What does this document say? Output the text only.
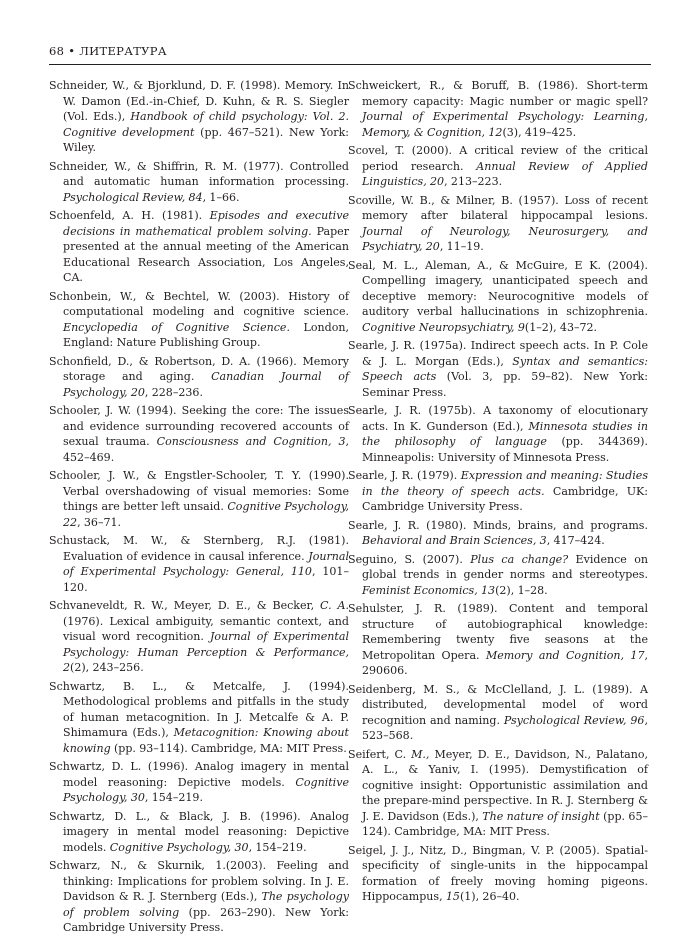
68 • ЛИТЕРАТУРА

Schneider, W., & Bjorklund, D. F. (1998). Memory. In W. Damon (Ed.-in-Chief, D. Kuhn, & R. S. Siegler (Vol. Eds.), Handbook of child psychology: Vol. 2. Cognitive development (pp. 467–521). New York: Wiley.

Schneider, W., & Shiffrin, R. M. (1977). Controlled and automatic human information processing. Psychological Review, 84, 1–66.

Schoenfeld, A. H. (1981). Episodes and executive decisions in mathematical problem solving. Paper presented at the annual meeting of the American Educational Research Association, Los Angeles, CA.

Schonbein, W., & Bechtel, W. (2003). History of computational modeling and cognitive science. Encyclopedia of Cognitive Science. London, England: Nature Publishing Group.

Schonfield, D., & Robertson, D. A. (1966). Memory storage and aging. Canadian Journal of Psychology, 20, 228–236.

Schooler, J. W. (1994). Seeking the core: The issues and evidence surrounding recovered accounts of sexual trauma. Consciousness and Cognition, 3, 452–469.

Schooler, J. W., & Engstler-Schooler, T. Y. (1990). Verbal overshadowing of visual memories: Some things are better left unsaid. Cognitive Psychology, 22, 36–71.

Schustack, M. W., & Sternberg, R.J. (1981). Evaluation of evidence in causal inference. Journal of Experimental Psychology: General, 110, 101–120.

Schvaneveldt, R. W., Meyer, D. E., & Becker, C. A. (1976). Lexical ambiguity, semantic context, and visual word recognition. Journal of Experimental Psychology: Human Perception & Performance, 2(2), 243–256.

Schwartz, B. L., & Metcalfe, J. (1994). Methodological problems and pitfalls in the study of human metacognition. In J. Metcalfe & A. P. Shimamura (Eds.), Metacognition: Knowing about knowing (pp. 93–114). Cambridge, MA: MIT Press.

Schwartz, D. L. (1996). Analog imagery in mental model reasoning: Depictive models. Cognitive Psychology, 30, 154–219.

Schwartz, D. L., & Black, J. B. (1996). Analog imagery in mental model reasoning: Depictive models. Cognitive Psychology, 30, 154–219.

Schwarz, N., & Skurnik, 1.(2003). Feeling and thinking: Implications for problem solving. In J. E. Davidson & R. J. Sternberg (Eds.), The psychology of problem solving (pp. 263–290). New York: Cambridge University Press.

Schweickert, R., & Boruff, B. (1986). Short-term memory capacity: Magic number or magic spell? Journal of Experimental Psychology: Learning, Memory, & Cognition, 12(3), 419–425.

Scovel, T. (2000). A critical review of the critical period research. Annual Review of Applied Linguistics, 20, 213–223.

Scoville, W. B., & Milner, B. (1957). Loss of recent memory after bilateral hippocampal lesions. Journal of Neurology, Neurosurgery, and Psychiatry, 20, 11–19.

Seal, M. L., Aleman, A., & McGuire, E K. (2004). Compelling imagery, unanticipated speech and deceptive memory: Neurocognitive models of auditory verbal hallucinations in schizophrenia. Cognitive Neuropsychiatry, 9(1–2), 43–72.

Searle, J. R. (1975a). Indirect speech acts. In P. Cole & J. L. Morgan (Eds.), Syntax and semantics: Speech acts (Vol. 3, pp. 59–82). New York: Seminar Press.

Searle, J. R. (1975b). A taxonomy of elocutionary acts. In K. Gunderson (Ed.), Minnesota studies in the philosophy of language (pp. 344369). Minneapolis: University of Minnesota Press.

Searle, J. R. (1979). Expression and meaning: Studies in the theory of speech acts. Cambridge, UK: Cambridge University Press.

Searle, J. R. (1980). Minds, brains, and programs. Behavioral and Brain Sciences, 3, 417–424.

Seguino, S. (2007). Plus ca change? Evidence on global trends in gender norms and stereotypes. Feminist Economics, 13(2), 1–28.

Sehulster, J. R. (1989). Content and temporal structure of autobiographical knowledge: Remembering twenty five seasons at the Metropolitan Opera. Memory and Cognition, 17, 290606.

Seidenberg, M. S., & McClelland, J. L. (1989). A distributed, developmental model of word recognition and naming. Psychological Review, 96, 523–568.

Seifert, C. M., Meyer, D. E., Davidson, N., Palatano, A. L., & Yaniv, I. (1995). Demystification of cognitive insight: Opportunistic assimilation and the prepare-mind perspective. In R. J. Sternberg & J. E. Davidson (Eds.), The nature of insight (pp. 65–124). Cambridge, MA: MIT Press.

Seigel, J. J., Nitz, D., Bingman, V. P. (2005). Spatial-specificity of single-units in the hippocampal formation of freely moving homing pigeons. Hippocampus, 15(1), 26–40.
